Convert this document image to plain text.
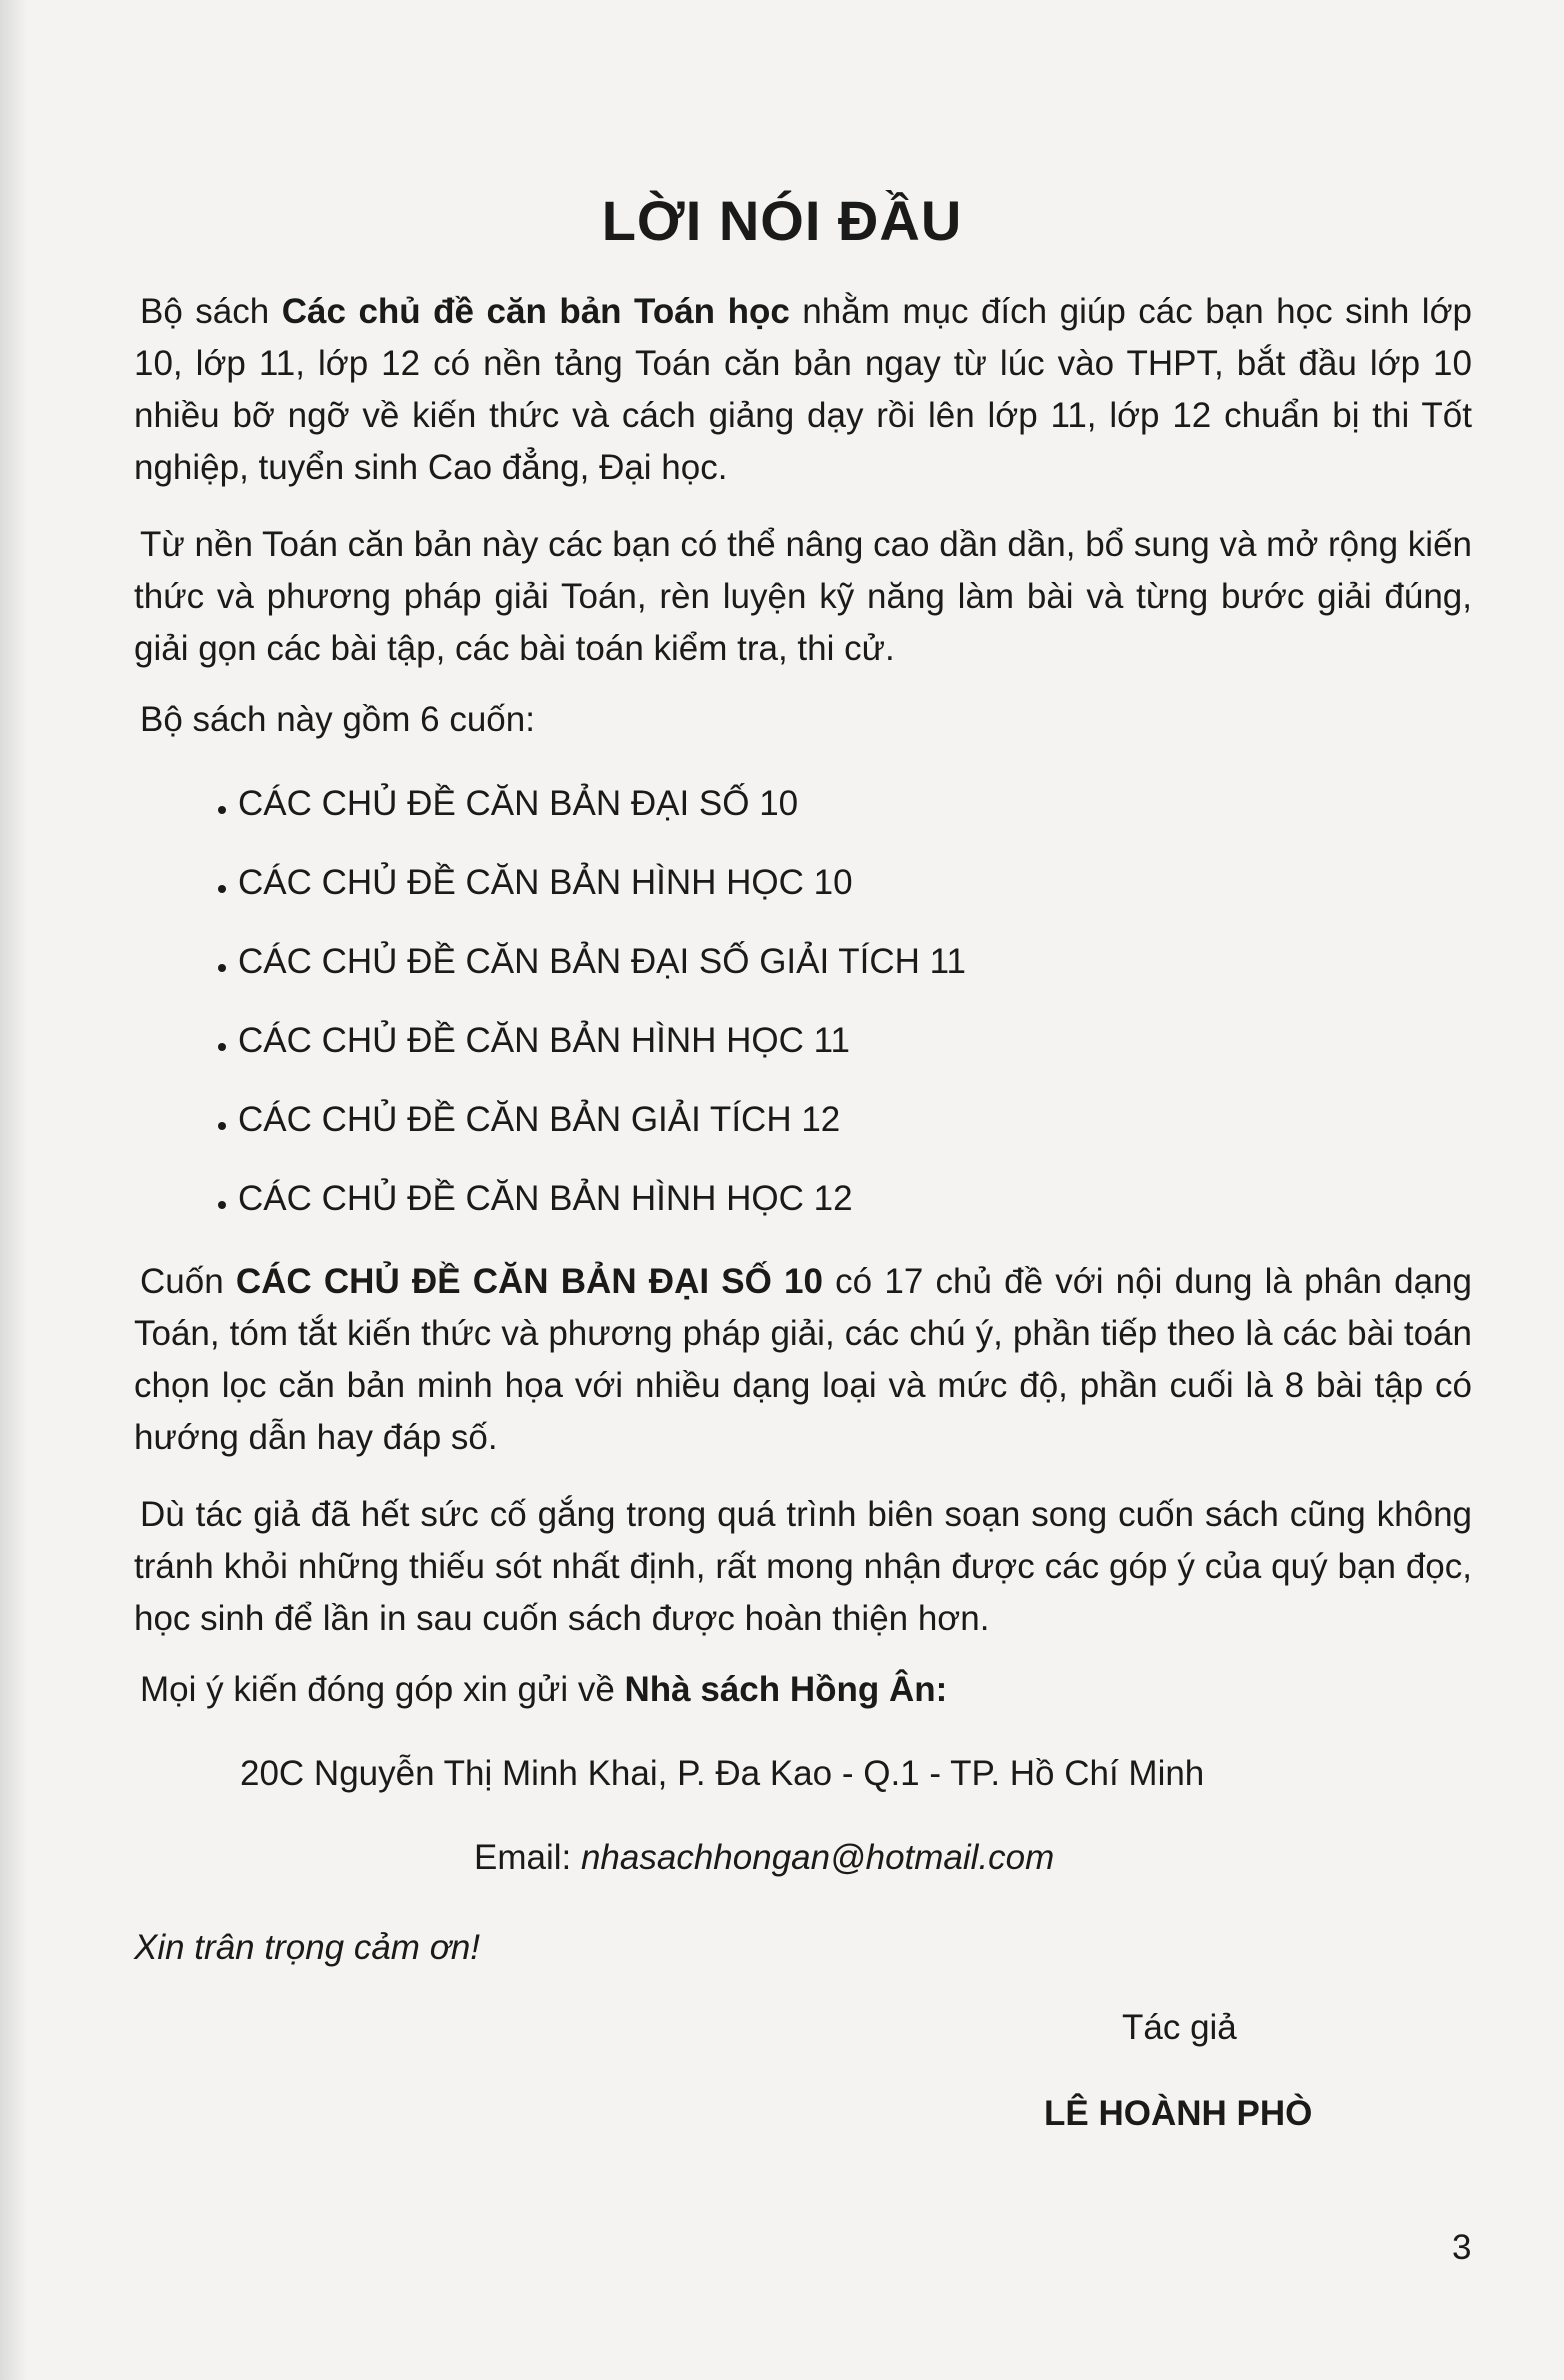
LỜI NÓI ĐẦU

Bộ sách Các chủ đề căn bản Toán học nhằm mục đích giúp các bạn học sinh lớp 10, lớp 11, lớp 12 có nền tảng Toán căn bản ngay từ lúc vào THPT, bắt đầu lớp 10 nhiều bỡ ngỡ về kiến thức và cách giảng dạy rồi lên lớp 11, lớp 12 chuẩn bị thi Tốt nghiệp, tuyển sinh Cao đẳng, Đại học.

Từ nền Toán căn bản này các bạn có thể nâng cao dần dần, bổ sung và mở rộng kiến thức và phương pháp giải Toán, rèn luyện kỹ năng làm bài và từng bước giải đúng, giải gọn các bài tập, các bài toán kiểm tra, thi cử.

Bộ sách này gồm 6 cuốn:

CÁC CHỦ ĐỀ CĂN BẢN ĐẠI SỐ 10
CÁC CHỦ ĐỀ CĂN BẢN HÌNH HỌC 10
CÁC CHỦ ĐỀ CĂN BẢN ĐẠI SỐ GIẢI TÍCH 11
CÁC CHỦ ĐỀ CĂN BẢN HÌNH HỌC 11
CÁC CHỦ ĐỀ CĂN BẢN GIẢI TÍCH 12
CÁC CHỦ ĐỀ CĂN BẢN HÌNH HỌC 12

Cuốn CÁC CHỦ ĐỀ CĂN BẢN ĐẠI SỐ 10 có 17 chủ đề với nội dung là phân dạng Toán, tóm tắt kiến thức và phương pháp giải, các chú ý, phần tiếp theo là các bài toán chọn lọc căn bản minh họa với nhiều dạng loại và mức độ, phần cuối là 8 bài tập có hướng dẫn hay đáp số.

Dù tác giả đã hết sức cố gắng trong quá trình biên soạn song cuốn sách cũng không tránh khỏi những thiếu sót nhất định, rất mong nhận được các góp ý của quý bạn đọc, học sinh để lần in sau cuốn sách được hoàn thiện hơn.

Mọi ý kiến đóng góp xin gửi về Nhà sách Hồng Ân:

20C Nguyễn Thị Minh Khai, P. Đa Kao - Q.1 - TP. Hồ Chí Minh
Email: nhasachhongan@hotmail.com
Xin trân trọng cảm ơn!
Tác giả
LÊ HOÀNH PHÒ
3
